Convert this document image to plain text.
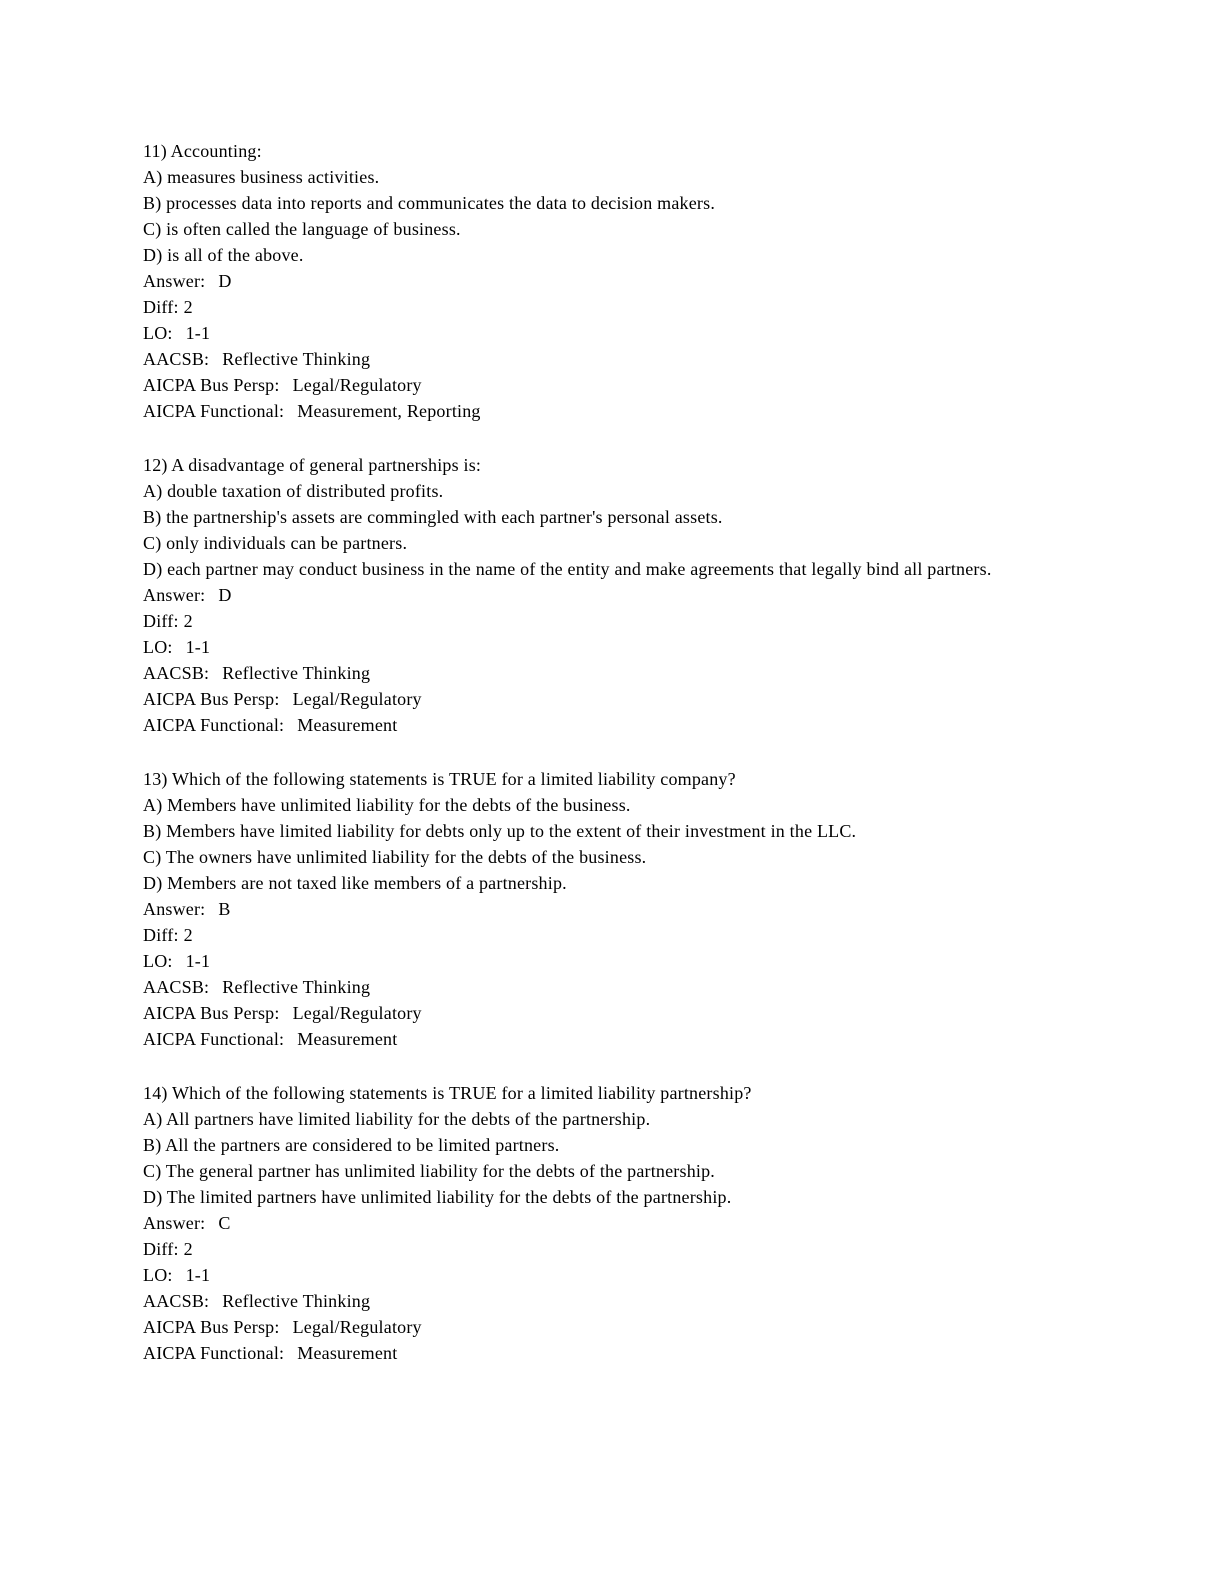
11) Accounting:

A) measures business activities.

B) processes data into reports and communicates the data to decision makers.

C) is often called the language of business.

D) is all of the above.

Answer: D

Diff: 2

LO: 1-1

AACSB: Reflective Thinking

AICPA Bus Persp: Legal/Regulatory

AICPA Functional: Measurement, Reporting

12) A disadvantage of general partnerships is:

A) double taxation of distributed profits.

B) the partnership's assets are commingled with each partner's personal assets.

C) only individuals can be partners.

D) each partner may conduct business in the name of the entity and make agreements that legally bind all partners.

Answer: D

Diff: 2

LO: 1-1

AACSB: Reflective Thinking

AICPA Bus Persp: Legal/Regulatory

AICPA Functional: Measurement

13) Which of the following statements is TRUE for a limited liability company?

A) Members have unlimited liability for the debts of the business.

B) Members have limited liability for debts only up to the extent of their investment in the LLC.

C) The owners have unlimited liability for the debts of the business.

D) Members are not taxed like members of a partnership.

Answer: B

Diff: 2

LO: 1-1

AACSB: Reflective Thinking

AICPA Bus Persp: Legal/Regulatory

AICPA Functional: Measurement

14) Which of the following statements is TRUE for a limited liability partnership?

A) All partners have limited liability for the debts of the partnership.

B) All the partners are considered to be limited partners.

C) The general partner has unlimited liability for the debts of the partnership.

D) The limited partners have unlimited liability for the debts of the partnership.

Answer: C

Diff: 2

LO: 1-1

AACSB: Reflective Thinking

AICPA Bus Persp: Legal/Regulatory

AICPA Functional: Measurement
